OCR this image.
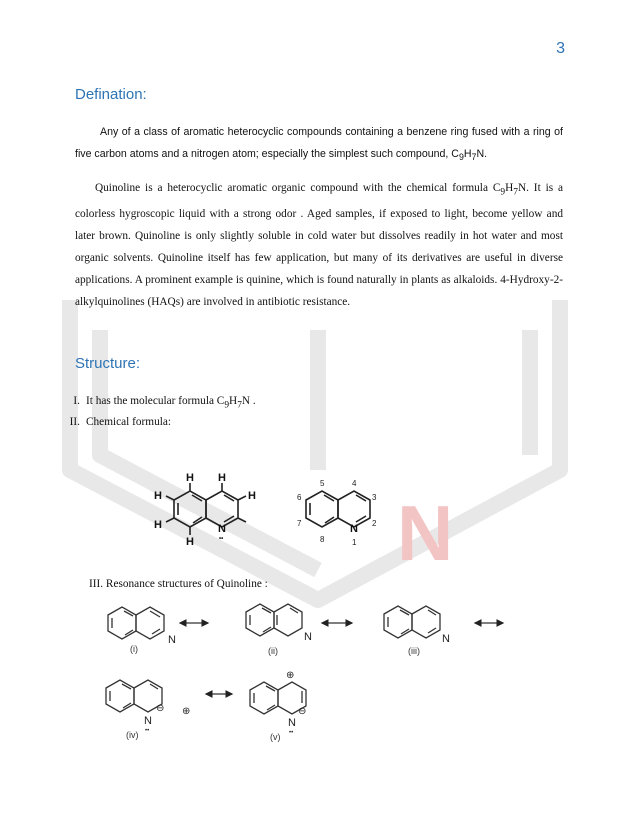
N
3
Defination:

Any of a class of aromatic heterocyclic compounds containing a benzene ring fused with a ring of five carbon atoms and a nitrogen atom; especially the simplest such compound, $C_9H_7N$.

Quinoline is a heterocyclic aromatic organic compound with the chemical formula $C_9H_7N$. It is a colorless hygroscopic liquid with a strong odor . Aged samples, if exposed to light, become yellow and later brown. Quinoline is only slightly soluble in cold water but dissolves readily in hot water and most organic solvents. Quinoline itself has few application, but many of its derivatives are useful in diverse applications. A prominent example is quinine, which is found naturally in plants as alkaloids. 4-Hydroxy-2-alkylquinolines (HAQs) are involved in antibiotic resistance.

Structure:
I. It has the molecular formula $C_9H_7N$ .
II. Chemical formula:
H H
H
H
H
H
N
••
N
1
2
3
4
5
6
7
8
III. Resonance structures of Quinoline :
N	N	N
N	N
⊖ ⊕
⊕
⊖
••	••
(i)	(ii)	(iii)
(iv)	(v)
